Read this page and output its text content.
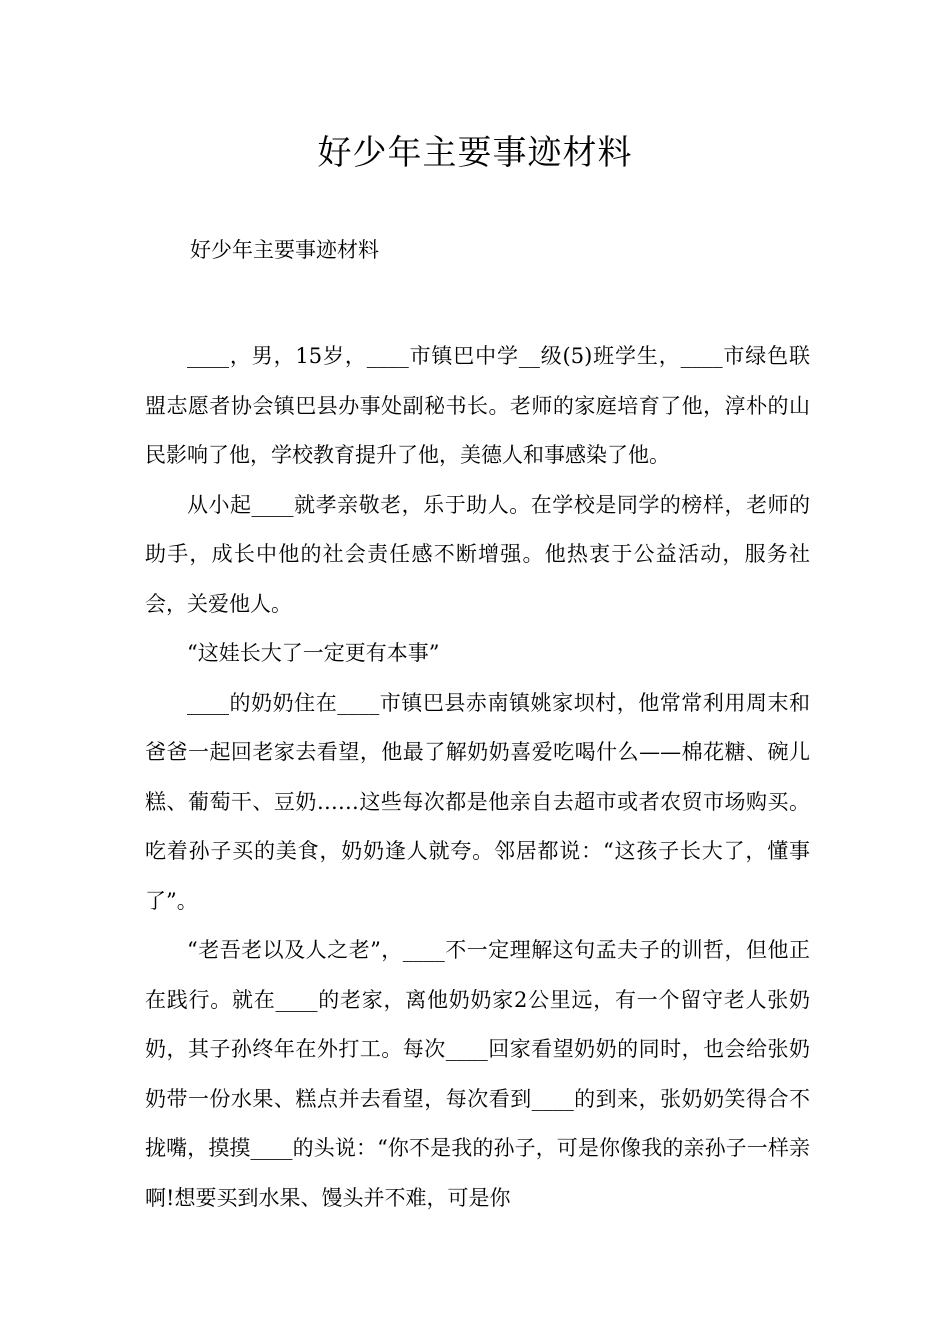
好少年主要事迹材料
好少年主要事迹材料

____，男，15岁，____市镇巴中学__级(5)班学生，____市绿色联盟志愿者协会镇巴县办事处副秘书长。老师的家庭培育了他，淳朴的山民影响了他，学校教育提升了他，美德人和事感染了他。

从小起____就孝亲敬老，乐于助人。在学校是同学的榜样，老师的助手，成长中他的社会责任感不断增强。他热衷于公益活动，服务社会，关爱他人。

“这娃长大了一定更有本事”

____的奶奶住在____市镇巴县赤南镇姚家坝村，他常常利用周末和爸爸一起回老家去看望，他最了解奶奶喜爱吃喝什么——棉花糖、碗儿糕、葡萄干、豆奶……这些每次都是他亲自去超市或者农贸市场购买。吃着孙子买的美食，奶奶逢人就夸。邻居都说：“这孩子长大了，懂事了”。

“老吾老以及人之老”，____不一定理解这句孟夫子的训哲，但他正在践行。就在____的老家，离他奶奶家2公里远，有一个留守老人张奶奶，其子孙终年在外打工。每次____回家看望奶奶的同时，也会给张奶奶带一份水果、糕点并去看望，每次看到____的到来，张奶奶笑得合不拢嘴，摸摸____的头说：“你不是我的孙子，可是你像我的亲孙子一样亲啊!想要买到水果、馒头并不难，可是你
